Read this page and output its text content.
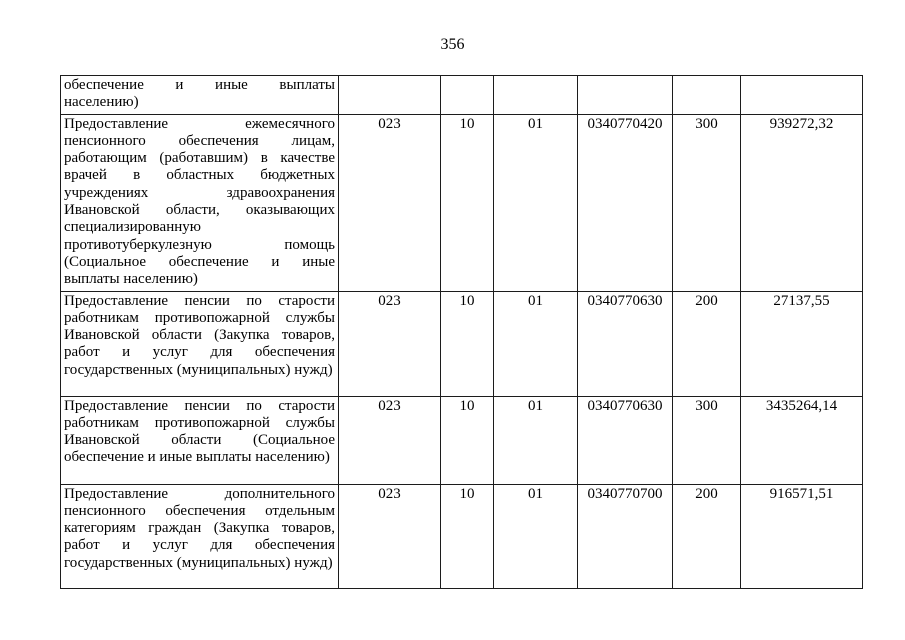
356
обеспечение и иные выплаты
населению)						

Предоставление ежемесячного пенсионного обеспечения лицам, работающим (работавшим) в качестве врачей в областных бюджетных учреждениях здравоохранения Ивановской области, оказывающих специализированную противотуберкулезную помощь (Социальное обеспечение и иные выплаты населению)	023	10	01	0340770420	300	939272,32
Предоставление пенсии по старости работникам противопожарной службы Ивановской области (Закупка товаров, работ и услуг для обеспечения государственных (муниципальных) нужд)	023	10	01	0340770630	200	27137,55
Предоставление пенсии по старости работникам противопожарной службы Ивановской области (Социальное обеспечение и иные выплаты населению)	023	10	01	0340770630	300	3435264,14
Предоставление дополнительного пенсионного обеспечения отдельным категориям граждан (Закупка товаров, работ и услуг для обеспечения государственных (муниципальных) нужд)	023	10	01	0340770700	200	916571,51
